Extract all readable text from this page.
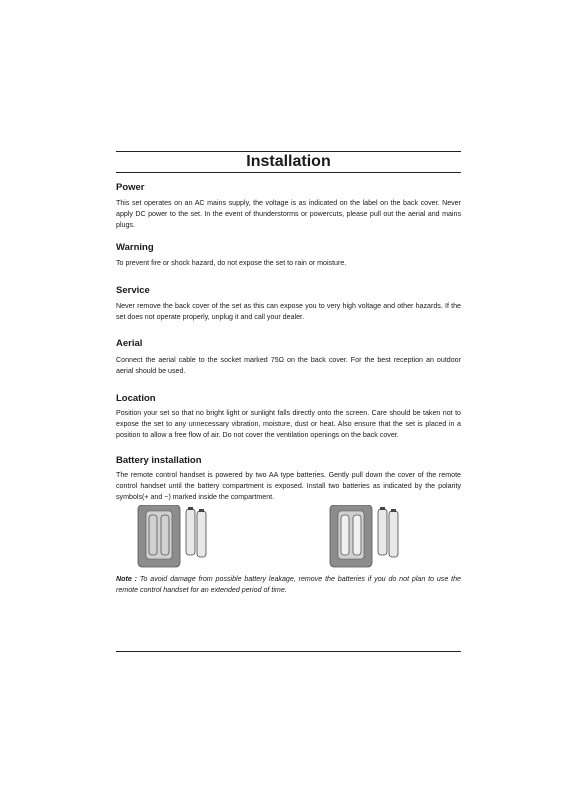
Installation
Power

This set operates on an AC mains supply, the voltage is as indicated on the label on the back cover. Never apply DC power to the set. In the event of thunderstorms or powercuts, please pull out the aerial and mains plugs.

Warning

To prevent fire or shock hazard, do not expose the set to rain or moisture.

Service

Never remove the back cover of the set as this can expose you to very high voltage and other hazards. If the set does not operate properly, unplug it and call your dealer.

Aerial

Connect the aerial cable to the socket marked 75Ω on the back cover. For the best reception an outdoor aerial should be used.

Location

Position your set so that no bright light or sunlight falls directly onto the screen. Care should be taken not to expose the set to any unnecessary vibration, moisture, dust or heat. Also ensure that the set is placed in a position to allow a free flow of air. Do not cover the ventilation openings on the back cover.

Battery installation

The remote control handset is powered by two AA type batteries. Gently pull down the cover of the remote control handset until the battery compartment is exposed. Install two batteries as indicated by the polarity symbols(+ and −) marked inside the compartment.

Note : To avoid damage from possible battery leakage, remove the batteries if you do not plan to use the remote control handset for an extended period of time.
